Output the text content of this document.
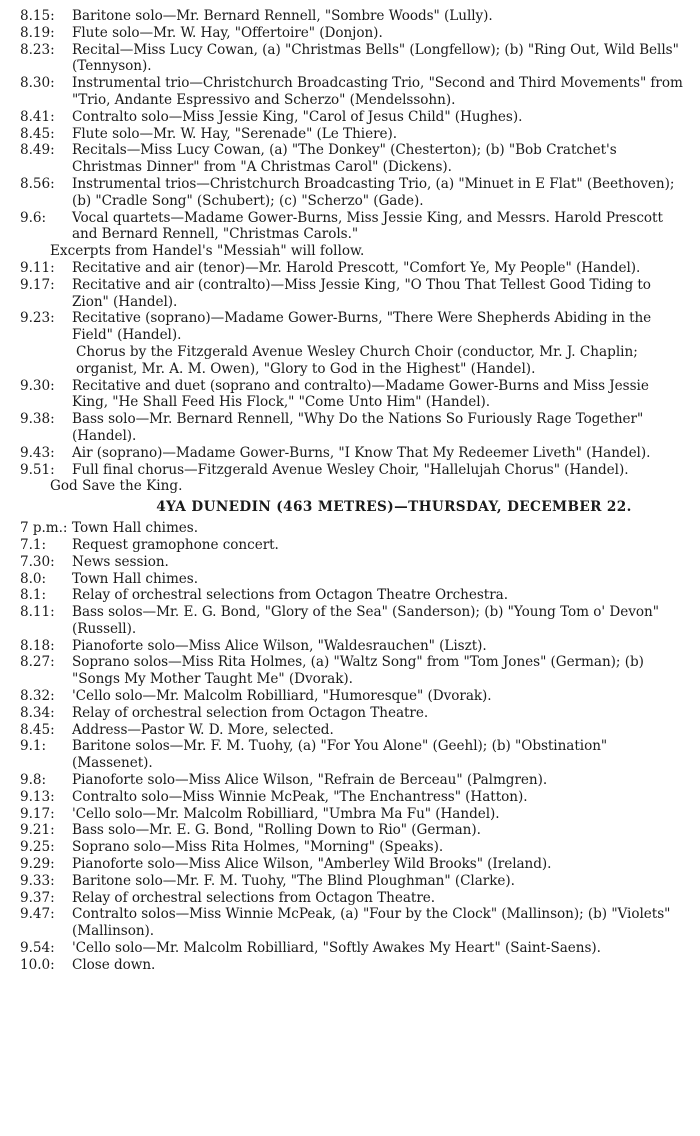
8.15:	Baritone solo—Mr. Bernard Rennell, "Sombre Woods" (Lully).
8.19:	Flute solo—Mr. W. Hay, "Offertoire" (Donjon).
8.23:	Recital—Miss Lucy Cowan, (a) "Christmas Bells" (Longfellow); (b) "Ring Out, Wild Bells" (Tennyson).
8.30:	Instrumental trio—Christchurch Broadcasting Trio, "Second and Third Movements" from "Trio, Andante Espressivo and Scherzo" (Mendelssohn).
8.41:	Contralto solo—Miss Jessie King, "Carol of Jesus Child" (Hughes).
8.45:	Flute solo—Mr. W. Hay, "Serenade" (Le Thiere).
8.49:	Recitals—Miss Lucy Cowan, (a) "The Donkey" (Chesterton); (b) "Bob Cratchet's Christmas Dinner" from "A Christmas Carol" (Dickens).
8.56:	Instrumental trios—Christchurch Broadcasting Trio, (a) "Minuet in E Flat" (Beethoven); (b) "Cradle Song" (Schubert); (c) "Scherzo" (Gade).
9.6:	Vocal quartets—Madame Gower-Burns, Miss Jessie King, and Messrs. Harold Prescott and Bernard Rennell, "Christmas Carols."
Excerpts from Handel's "Messiah" will follow.
9.11:	Recitative and air (tenor)—Mr. Harold Prescott, "Comfort Ye, My People" (Handel).
9.17:	Recitative and air (contralto)—Miss Jessie King, "O Thou That Tellest Good Tiding to Zion" (Handel).
9.23:	Recitative (soprano)—Madame Gower-Burns, "There Were Shepherds Abiding in the Field" (Handel).
Chorus by the Fitzgerald Avenue Wesley Church Choir (conductor, Mr. J. Chaplin; organist, Mr. A. M. Owen), "Glory to God in the Highest" (Handel).
9.30:	Recitative and duet (soprano and contralto)—Madame Gower-Burns and Miss Jessie King, "He Shall Feed His Flock," "Come Unto Him" (Handel).
9.38:	Bass solo—Mr. Bernard Rennell, "Why Do the Nations So Furiously Rage Together" (Handel).
9.43:	Air (soprano)—Madame Gower-Burns, "I Know That My Redeemer Liveth" (Handel).
9.51:	Full final chorus—Fitzgerald Avenue Wesley Choir, "Hallelujah Chorus" (Handel).
God Save the King.
4YA DUNEDIN (463 METRES)—THURSDAY, DECEMBER 22.
7 p.m.: Town Hall chimes.
7.1:	Request gramophone concert.
7.30:	News session.
8.0:	Town Hall chimes.
8.1:	Relay of orchestral selections from Octagon Theatre Orchestra.
8.11:	Bass solos—Mr. E. G. Bond, "Glory of the Sea" (Sanderson); (b) "Young Tom o' Devon" (Russell).
8.18:	Pianoforte solo—Miss Alice Wilson, "Waldesrauchen" (Liszt).
8.27:	Soprano solos—Miss Rita Holmes, (a) "Waltz Song" from "Tom Jones" (German); (b) "Songs My Mother Taught Me" (Dvorak).
8.32:	'Cello solo—Mr. Malcolm Robilliard, "Humoresque" (Dvorak).
8.34:	Relay of orchestral selection from Octagon Theatre.
8.45:	Address—Pastor W. D. More, selected.
9.1:	Baritone solos—Mr. F. M. Tuohy, (a) "For You Alone" (Geehl); (b) "Obstination" (Massenet).
9.8:	Pianoforte solo—Miss Alice Wilson, "Refrain de Berceau" (Palmgren).
9.13:	Contralto solo—Miss Winnie McPeak, "The Enchantress" (Hatton).
9.17:	'Cello solo—Mr. Malcolm Robilliard, "Umbra Ma Fu" (Handel).
9.21:	Bass solo—Mr. E. G. Bond, "Rolling Down to Rio" (German).
9.25:	Soprano solo—Miss Rita Holmes, "Morning" (Speaks).
9.29:	Pianoforte solo—Miss Alice Wilson, "Amberley Wild Brooks" (Ireland).
9.33:	Baritone solo—Mr. F. M. Tuohy, "The Blind Ploughman" (Clarke).
9.37:	Relay of orchestral selections from Octagon Theatre.
9.47:	Contralto solos—Miss Winnie McPeak, (a) "Four by the Clock" (Mallinson); (b) "Violets" (Mallinson).
9.54:	'Cello solo—Mr. Malcolm Robilliard, "Softly Awakes My Heart" (Saint-Saens).
10.0:	Close down.
